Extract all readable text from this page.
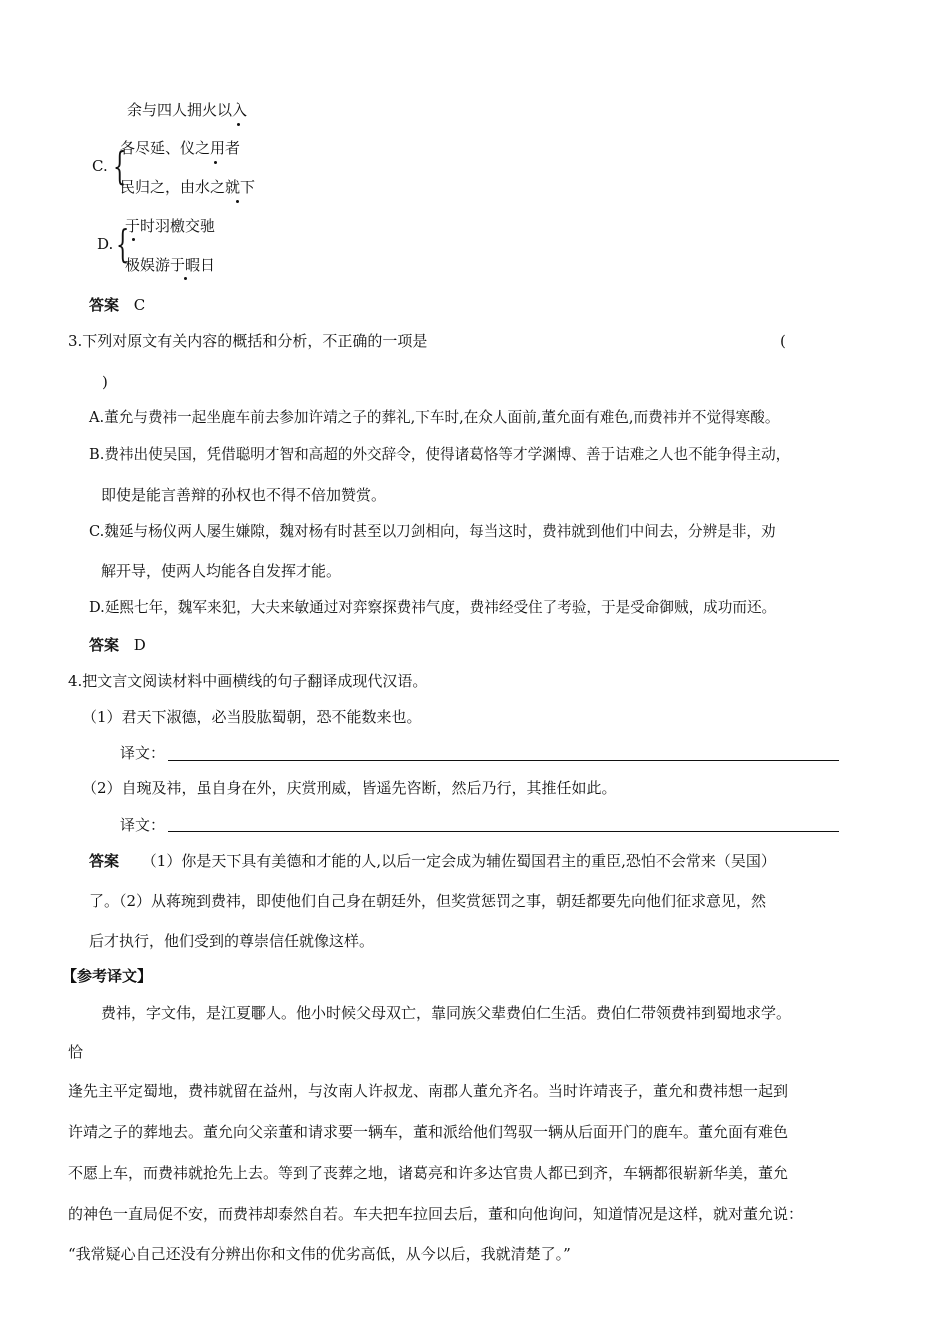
余与四人拥火以入
C. {
各尽延、仪之用者
民归之，由水之就下
D. {
于时羽檄交驰
极娱游于暇日
答案 C
3.下列对原文有关内容的概括和分析，不正确的一项是	(
)
A.董允与费祎一起坐鹿车前去参加许靖之子的葬礼,下车时,在众人面前,董允面有难色,而费祎并不觉得寒酸。
B.费祎出使吴国，凭借聪明才智和高超的外交辞令，使得诸葛恪等才学渊博、善于诘难之人也不能争得主动，
即使是能言善辩的孙权也不得不倍加赞赏。
C.魏延与杨仪两人屡生嫌隙，魏对杨有时甚至以刀剑相向，每当这时，费祎就到他们中间去，分辨是非，劝
解开导，使两人均能各自发挥才能。
D.延熙七年，魏军来犯，大夫来敏通过对弈察探费祎气度，费祎经受住了考验，于是受命御贼，成功而还。
答案 D
4.把文言文阅读材料中画横线的句子翻译成现代汉语。
（1）君天下淑德，必当股肱蜀朝，恐不能数来也。
译文：
（2）自琬及祎，虽自身在外，庆赏刑威，皆遥先咨断，然后乃行，其推任如此。
译文：
答案 （1）你是天下具有美德和才能的人,以后一定会成为辅佐蜀国君主的重臣,恐怕不会常来（吴国）
了。（2）从蒋琬到费祎，即使他们自己身在朝廷外，但奖赏惩罚之事，朝廷都要先向他们征求意见，然
后才执行，他们受到的尊崇信任就像这样。
【参考译文】
费祎，字文伟，是江夏鄳人。他小时候父母双亡，靠同族父辈费伯仁生活。费伯仁带领费祎到蜀地求学。
恰
逢先主平定蜀地，费祎就留在益州，与汝南人许叔龙、南郡人董允齐名。当时许靖丧子，董允和费祎想一起到
许靖之子的葬地去。董允向父亲董和请求要一辆车，董和派给他们驾驭一辆从后面开门的鹿车。董允面有难色
不愿上车，而费祎就抢先上去。等到了丧葬之地，诸葛亮和许多达官贵人都已到齐，车辆都很崭新华美，董允
的神色一直局促不安，而费祎却泰然自若。车夫把车拉回去后，董和向他询问，知道情况是这样，就对董允说：
“我常疑心自己还没有分辨出你和文伟的优劣高低，从今以后，我就清楚了。”
